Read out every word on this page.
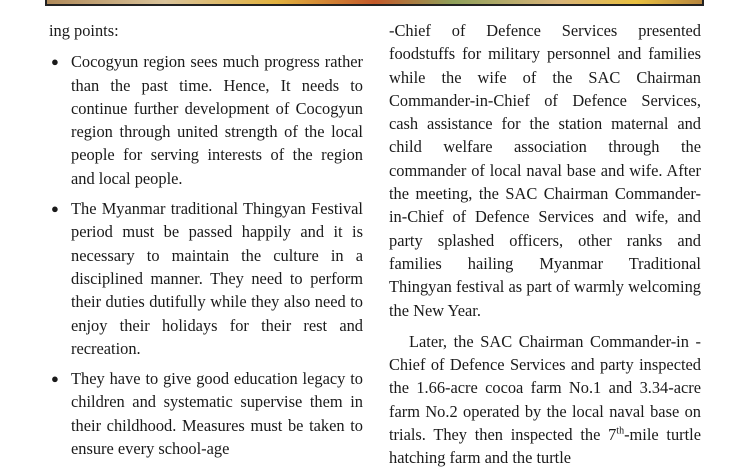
ing points:

● Cocogyun region sees much progress rather than the past time. Hence, It needs to continue further development of Cocogyun region through united strength of the local people for serving interests of the region and local people.
● The Myanmar traditional Thingyan Festival period must be passed happily and it is necessary to maintain the culture in a disciplined manner. They need to perform their duties dutifully while they also need to enjoy their holidays for their rest and recreation.
● They have to give good education legacy to children and systematic supervise them in their childhood. Measures must be taken to ensure every school-age

-Chief of Defence Services presented foodstuffs for military personnel and families while the wife of the SAC Chairman Commander-in-Chief of Defence Services, cash assistance for the station maternal and child welfare association through the commander of local naval base and wife. After the meeting, the SAC Chairman Commander-in-Chief of Defence Services and wife, and party splashed officers, other ranks and families hailing Myanmar Traditional Thingyan festival as part of warmly welcoming the New Year.

Later, the SAC Chairman Commander-in -Chief of Defence Services and party inspected the 1.66-acre cocoa farm No.1 and 3.34-acre farm No.2 operated by the local naval base on trials. They then inspected the 7th-mile turtle hatching farm and the turtle
